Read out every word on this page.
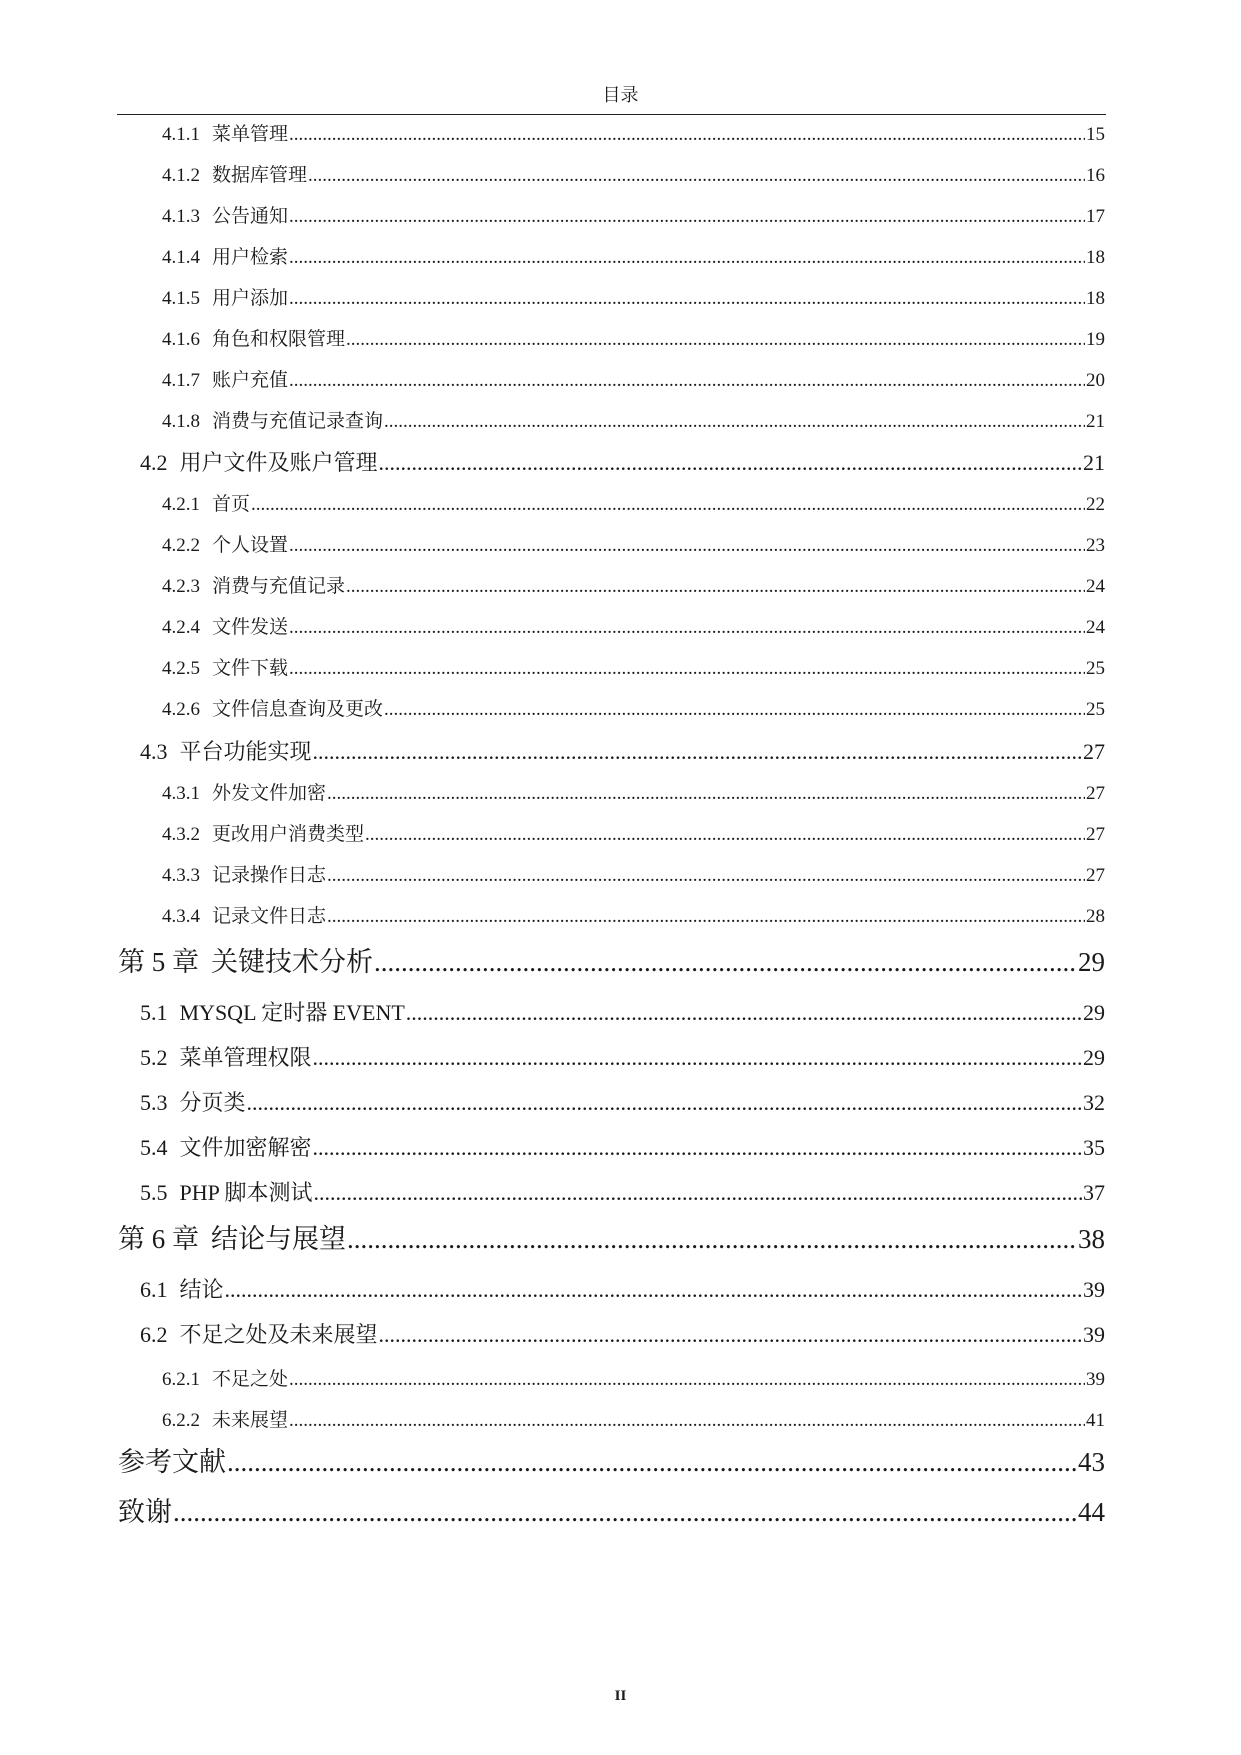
目录
4.1.1 菜单管理 .....	15
4.1.2 数据库管理 .....	16
4.1.3 公告通知 .....	17
4.1.4 用户检索 .....	18
4.1.5 用户添加 .....	18
4.1.6 角色和权限管理 .....	19
4.1.7 账户充值 .....	20
4.1.8 消费与充值记录查询 .....	21
4.2 用户文件及账户管理 .....	21
4.2.1 首页 .....	22
4.2.2 个人设置 .....	23
4.2.3 消费与充值记录 .....	24
4.2.4 文件发送 .....	24
4.2.5 文件下载 .....	25
4.2.6 文件信息查询及更改 .....	25
4.3 平台功能实现 .....	27
4.3.1 外发文件加密 .....	27
4.3.2 更改用户消费类型 .....	27
4.3.3 记录操作日志 .....	27
4.3.4 记录文件日志 .....	28
第 5 章 关键技术分析 .....	29
5.1 MYSQL 定时器 EVENT .....	29
5.2 菜单管理权限 .....	29
5.3 分页类 .....	32
5.4 文件加密解密 .....	35
5.5 PHP 脚本测试 .....	37
第 6 章 结论与展望 .....	38
6.1 结论 .....	39
6.2 不足之处及未来展望 .....	39
6.2.1 不足之处 .....	39
6.2.2 未来展望 .....	41
参考文献 .....	43
致谢 .....	44
II
